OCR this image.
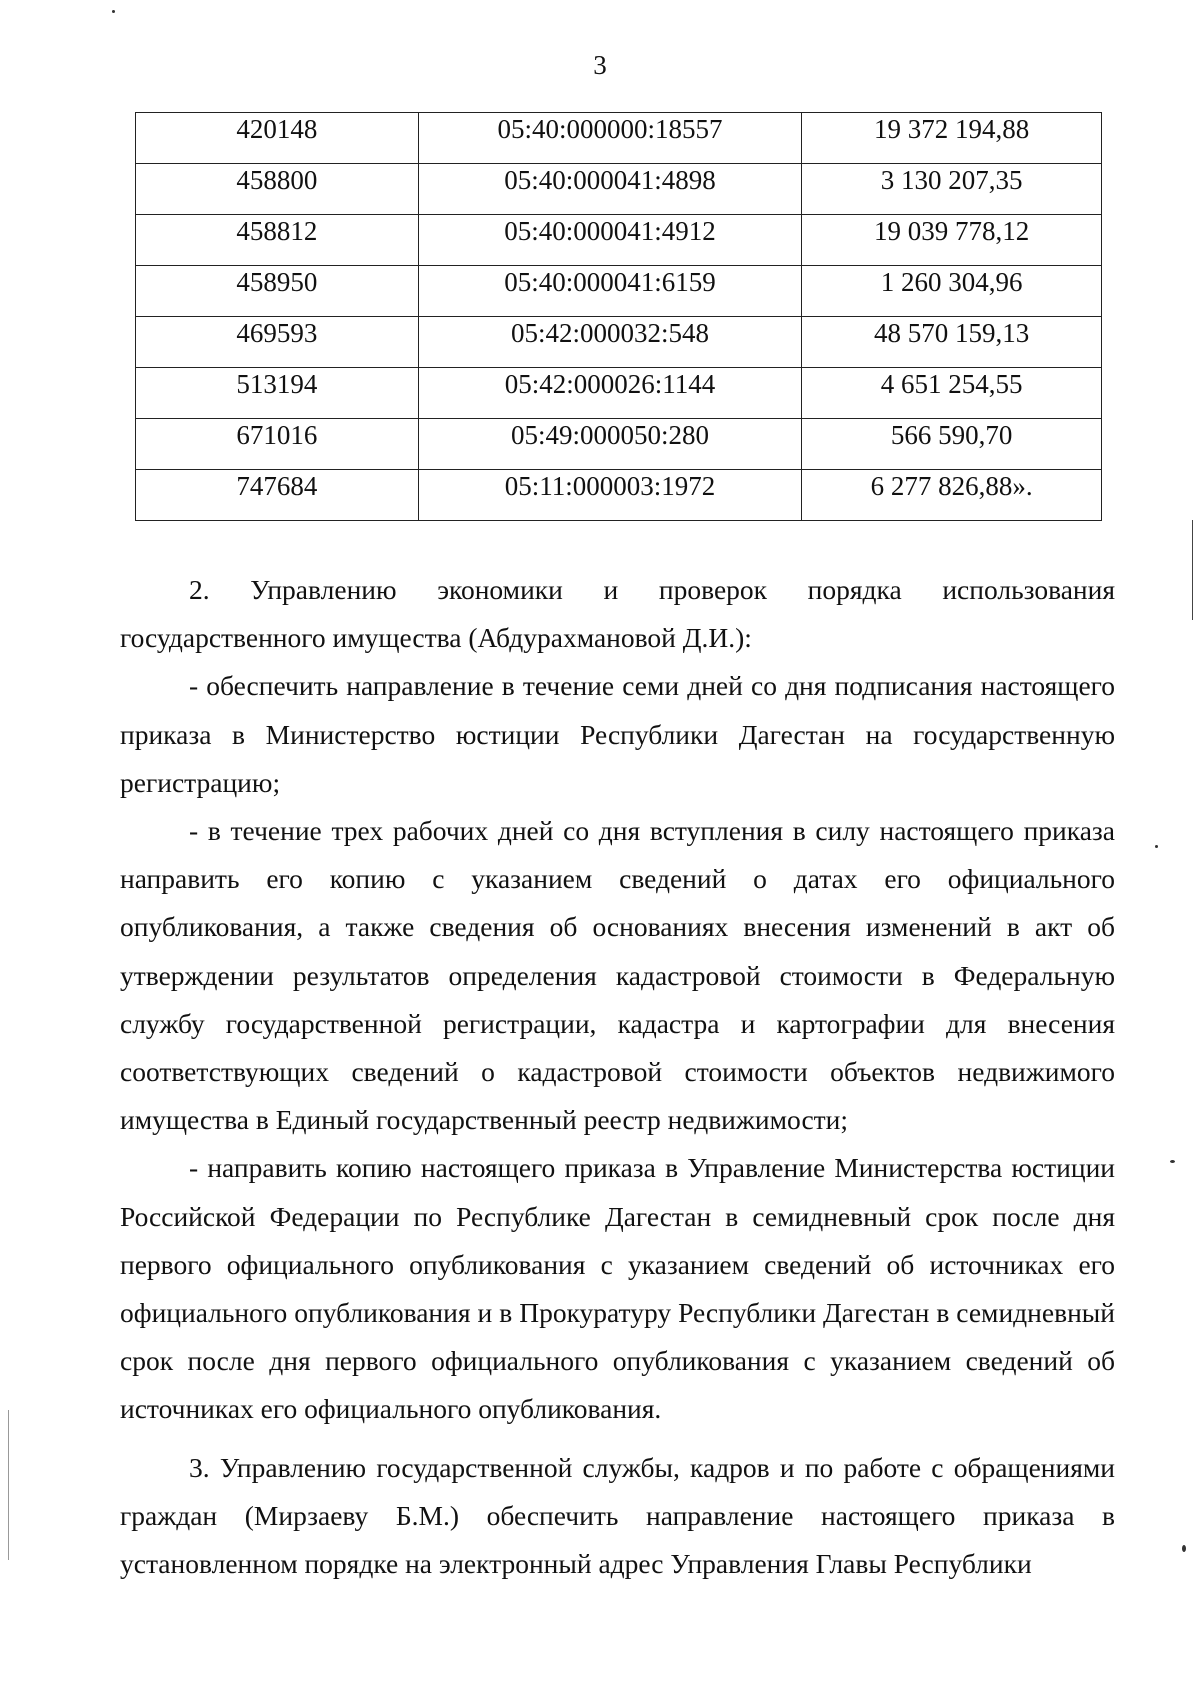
3
420148	05:40:000000:18557	19 372 194,88
458800	05:40:000041:4898	3 130 207,35
458812	05:40:000041:4912	19 039 778,12
458950	05:40:000041:6159	1 260 304,96
469593	05:42:000032:548	48 570 159,13
513194	05:42:000026:1144	4 651 254,55
671016	05:49:000050:280	566 590,70
747684	05:11:000003:1972	6 277 826,88».

2. Управлению экономики и проверок порядка использования государственного имущества (Абдурахмановой Д.И.):

- обеспечить направление в течение семи дней со дня подписания настоящего приказа в Министерство юстиции Республики Дагестан на государственную регистрацию;

- в течение трех рабочих дней со дня вступления в силу настоящего приказа направить его копию с указанием сведений о датах его официального опубликования, а также сведения об основаниях внесения изменений в акт об утверждении результатов определения кадастровой стоимости в Федеральную службу государственной регистрации, кадастра и картографии для внесения соответствующих сведений о кадастровой стоимости объектов недвижимого имущества в Единый государственный реестр недвижимости;

- направить копию настоящего приказа в Управление Министерства юстиции Российской Федерации по Республике Дагестан в семидневный срок после дня первого официального опубликования с указанием сведений об источниках его официального опубликования и в Прокуратуру Республики Дагестан в семидневный срок после дня первого официального опубликования с указанием сведений об источниках его официального опубликования.

3. Управлению государственной службы, кадров и по работе с обращениями граждан (Мирзаеву Б.М.) обеспечить направление настоящего приказа в установленном порядке на электронный адрес Управления Главы Республики
